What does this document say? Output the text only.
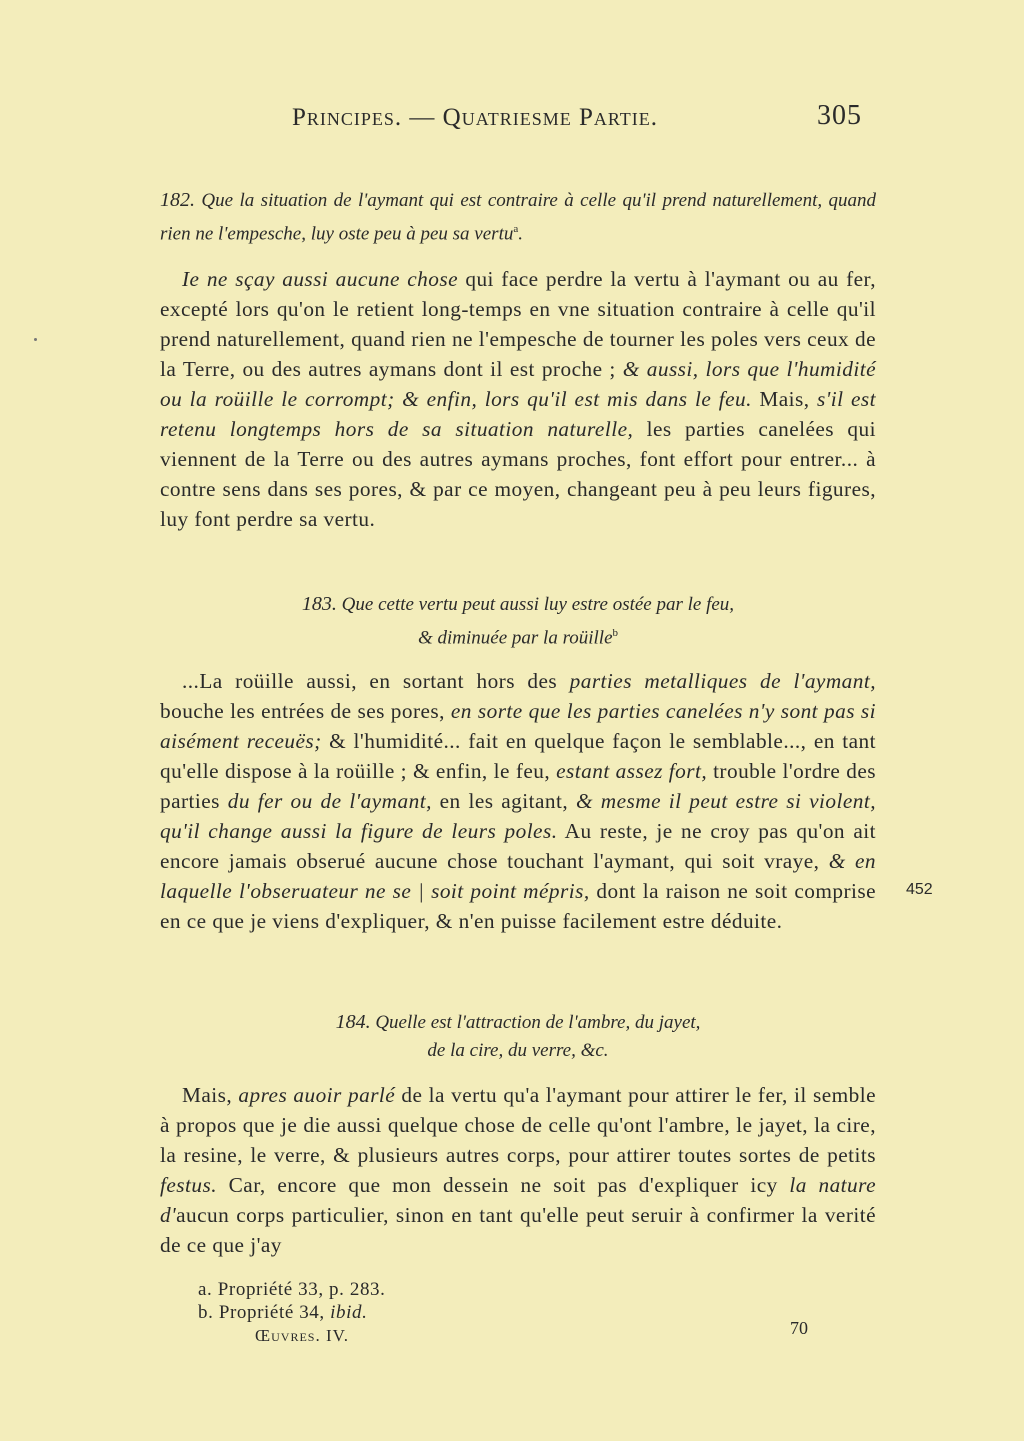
Principes. — Quatriesme Partie.	305
182. Que la situation de l'aymant qui est contraire à celle qu'il prend naturellement, quand rien ne l'empesche, luy oste peu à peu sa vertu$^a$.

Ie ne sçay aussi aucune chose qui face perdre la vertu à l'aymant ou au fer, excepté lors qu'on le retient long-temps en vne situation contraire à celle qu'il prend naturellement, quand rien ne l'empesche de tourner les poles vers ceux de la Terre, ou des autres aymans dont il est proche ; & aussi, lors que l'humidité ou la roüille le corrompt; & enfin, lors qu'il est mis dans le feu. Mais, s'il est retenu longtemps hors de sa situation naturelle, les parties canelées qui viennent de la Terre ou des autres aymans proches, font effort pour entrer... à contre sens dans ses pores, & par ce moyen, changeant peu à peu leurs figures, luy font perdre sa vertu.

183. Que cette vertu peut aussi luy estre ostée par le feu,
& diminuée par la roüille$^b$

...La roüille aussi, en sortant hors des parties metalliques de l'aymant, bouche les entrées de ses pores, en sorte que les parties canelées n'y sont pas si aisément receuës; & l'humidité... fait en quelque façon le semblable..., en tant qu'elle dispose à la roüille ; & enfin, le feu, estant assez fort, trouble l'ordre des parties du fer ou de l'aymant, en les agitant, & mesme il peut estre si violent, qu'il change aussi la figure de leurs poles. Au reste, je ne croy pas qu'on ait encore jamais obserué aucune chose touchant l'aymant, qui soit vraye, & en laquelle l'obseruateur ne se | soit point mépris, dont la raison ne soit comprise en ce que je viens d'expliquer, & n'en puisse facilement estre déduite.

452
184. Quelle est l'attraction de l'ambre, du jayet,
de la cire, du verre, &c.

Mais, apres auoir parlé de la vertu qu'a l'aymant pour attirer le fer, il semble à propos que je die aussi quelque chose de celle qu'ont l'ambre, le jayet, la cire, la resine, le verre, & plusieurs autres corps, pour attirer toutes sortes de petits festus. Car, encore que mon dessein ne soit pas d'expliquer icy la nature d'aucun corps particulier, sinon en tant qu'elle peut seruir à confirmer la verité de ce que j'ay

a. Propriété 33, p. 283.
b. Propriété 34, ibid.
Œuvres. IV.	70
